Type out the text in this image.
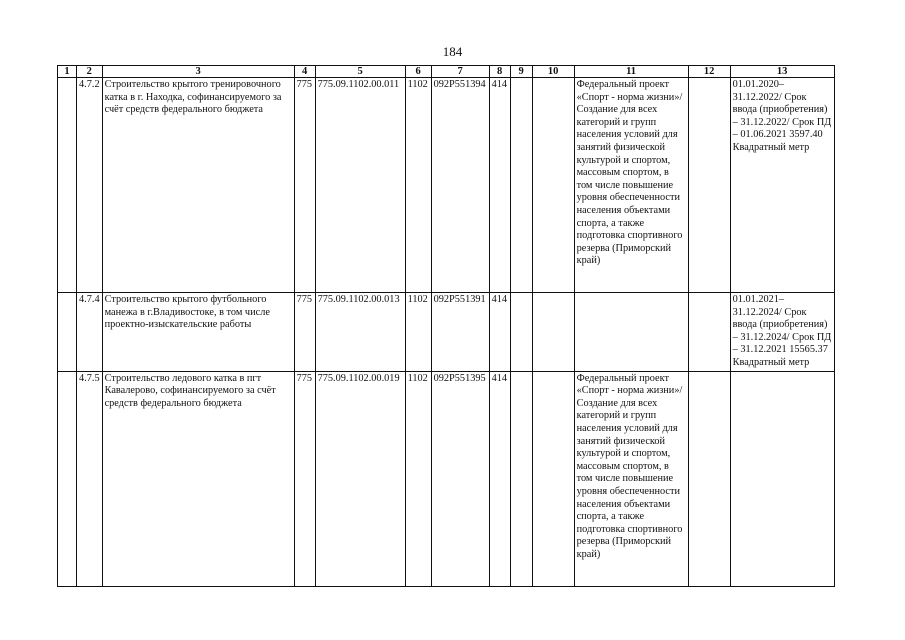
184
1	2	3	4	5	6	7	8	9	10	11	12	13
	4.7.2	Строительство крытого тренировочного катка в г. Находка, софинансируемого за счёт средств федерального бюджета	775	775.09.1102.00.011	1102	092P551394	414			Федеральный проект «Спорт - норма жизни»/Создание для всех категорий и групп населения условий для занятий физической культурой и спортом, массовым спортом, в том числе повышение уровня обеспеченности населения объектами спорта, а также подготовка спортивного резерва (Приморский край)		01.01.2020–31.12.2022/ Срок ввода (приобретения) – 31.12.2022/ Срок ПД – 01.06.2021 3597.40 Квадратный метр
	4.7.4	Строительство крытого футбольного манежа в г.Владивостоке, в том числе проектно-изыскательские работы	775	775.09.1102.00.013	1102	092P551391	414					01.01.2021–31.12.2024/ Срок ввода (приобретения) – 31.12.2024/ Срок ПД – 31.12.2021 15565.37 Квадратный метр
	4.7.5	Строительство ледового катка в пгт Кавалерово, софинансируемого за счёт средств федерального бюджета	775	775.09.1102.00.019	1102	092P551395	414			Федеральный проект «Спорт - норма жизни»/Создание для всех категорий и групп населения условий для занятий физической культурой и спортом, массовым спортом, в том числе повышение уровня обеспеченности населения объектами спорта, а также подготовка спортивного резерва (Приморский край)		
